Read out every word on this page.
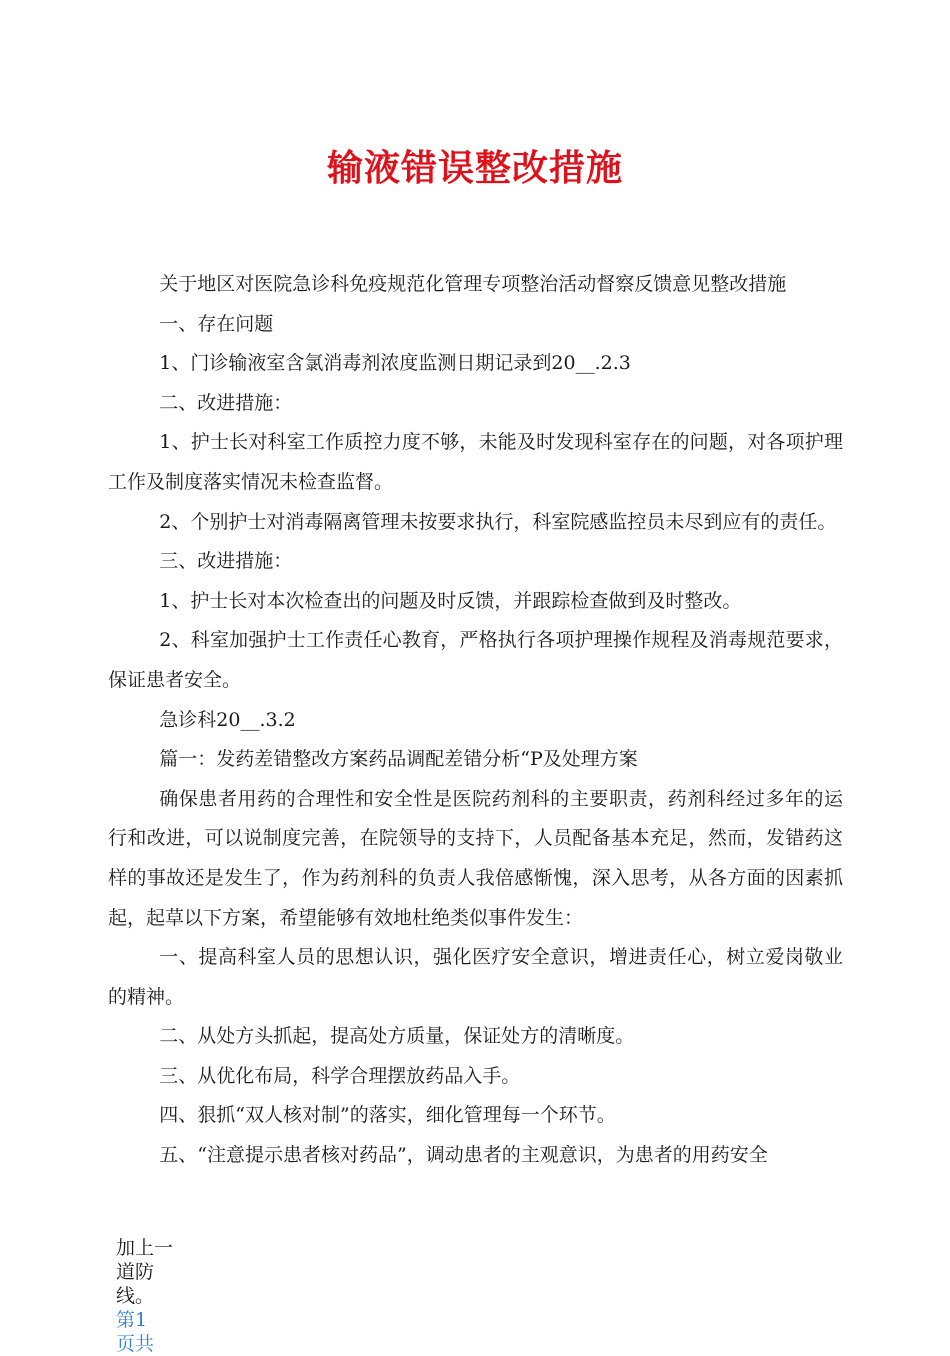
输液错误整改措施

关于地区对医院急诊科免疫规范化管理专项整治活动督察反馈意见整改措施

一、存在问题

1、门诊输液室含氯消毒剂浓度监测日期记录到20__.2.3

二、改进措施：

1、护士长对科室工作质控力度不够，未能及时发现科室存在的问题，对各项护理工作及制度落实情况未检查监督。

2、个别护士对消毒隔离管理未按要求执行，科室院感监控员未尽到应有的责任。

三、改进措施：

1、护士长对本次检查出的问题及时反馈，并跟踪检查做到及时整改。

2、科室加强护士工作责任心教育，严格执行各项护理操作规程及消毒规范要求，保证患者安全。

急诊科20__.3.2

篇一：发药差错整改方案药品调配差错分析“P及处理方案

确保患者用药的合理性和安全性是医院药剂科的主要职责，药剂科经过多年的运行和改进，可以说制度完善，在院领导的支持下，人员配备基本充足，然而，发错药这样的事故还是发生了，作为药剂科的负责人我倍感惭愧，深入思考，从各方面的因素抓起，起草以下方案，希望能够有效地杜绝类似事件发生：

一、提高科室人员的思想认识，强化医疗安全意识，增进责任心，树立爱岗敬业的精神。

二、从处方头抓起，提高处方质量，保证处方的清晰度。

三、从优化布局，科学合理摆放药品入手。

四、狠抓“双人核对制”的落实，细化管理每一个环节。

五、“注意提示患者核对药品”，调动患者的主观意识，为患者的用药安全

加上一道防线。
第1页共
